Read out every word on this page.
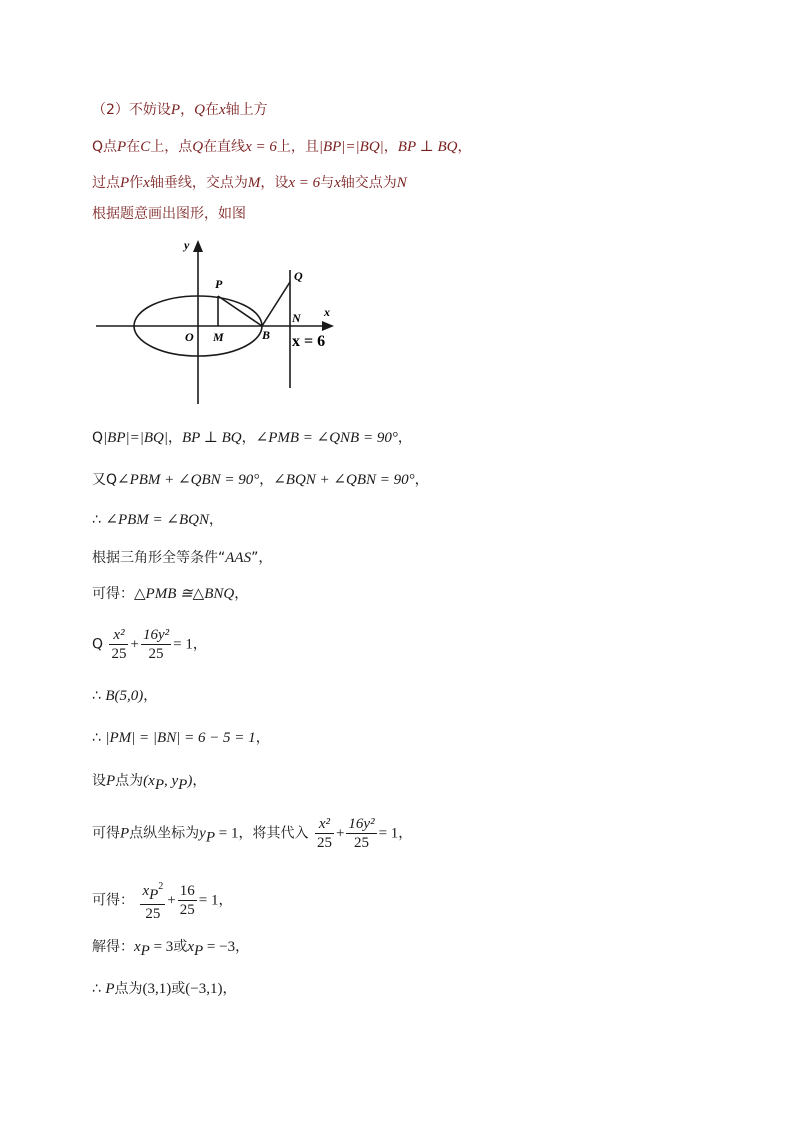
（2）不妨设P，Q在x轴上方
Q点P在C上，点Q在直线x = 6上，且|BP|=|BQ|，BP ⊥ BQ，
过点P作x轴垂线，交点为M，设x = 6与x轴交点为N
根据题意画出图形，如图
y
x
P
Q
O M	B
N
x = 6
Q|BP|=|BQ|，BP ⊥ BQ，∠PMB = ∠QNB = 90°，
又Q∠PBM + ∠QBN = 90°，∠BQN + ∠QBN = 90°，
∴ ∠PBM = ∠BQN，
根据三角形全等条件“AAS”，
可得：△PMB ≅△BNQ，
Q $\frac{\text{x²}}{25} + \frac{\text{16y²}}{25} = 1$，
∴ B(5,0)，
∴ |PM| = |BN| = 6 − 5 = 1，
设P点为($x_P$, $y_P$)，
可得P点纵坐标为$y_P = 1$，将其代入 $\frac{\text{x²}}{25} + \frac{\text{16y²}}{25} = 1$，
可得： $\frac{x_P^2}{25} + \frac{16}{25} = 1$，
解得：$x_P = 3$或$x_P = -3$，
∴ P点为(3,1)或(−3,1)，
